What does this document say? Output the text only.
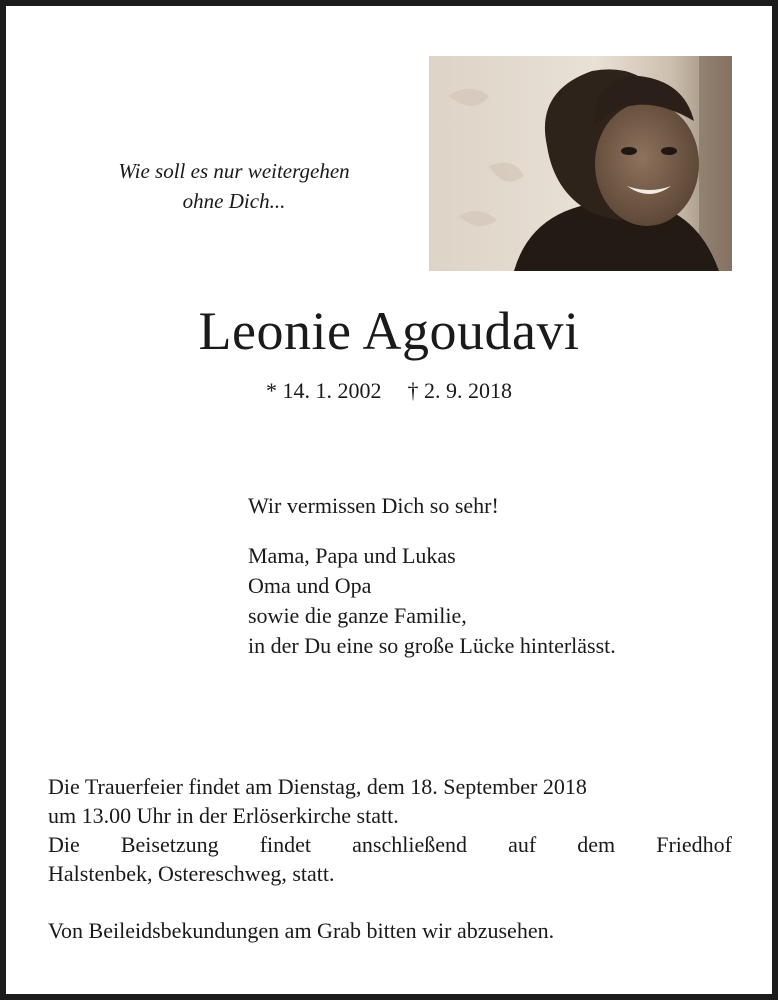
Wie soll es nur weitergehen
ohne Dich...
Leonie Agoudavi
* 14. 1. 2002 † 2. 9. 2018
Wir vermissen Dich so sehr!
Mama, Papa und Lukas
Oma und Opa
sowie die ganze Familie,
in der Du eine so große Lücke hinterlässt.
Die Trauerfeier findet am Dienstag, dem 18. September 2018
um 13.00 Uhr in der Erlöserkirche statt.
Die Beisetzung findet anschließend auf dem Friedhof
Halstenbek, Ostereschweg, statt.
Von Beileidsbekundungen am Grab bitten wir abzusehen.
